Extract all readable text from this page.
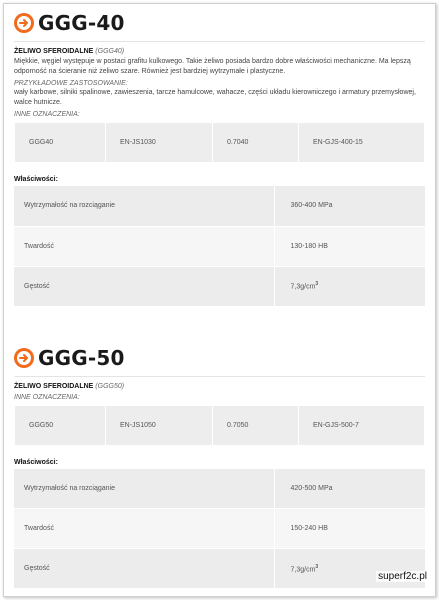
GGG-40
ŻELIWO SFEROIDALNE (GGG40)
Miękkie, węgiel występuje w postaci grafitu kulkowego. Takie żeliwo posiada bardzo dobre właściwości mechaniczne. Ma lepszą odporność na ścieranie niż żeliwo szare. Również jest bardziej wytrzymałe i plastyczne.
PRZYKŁADOWE ZASTOSOWANIE:
wały karbowe, silniki spalinowe, zawieszenia, tarcze hamulcowe, wahacze, części układu kierowniczego i armatury przemysłowej, walce hutnicze.
INNE OZNACZENIA:
GGG40	EN-JS1030	0.7040	EN-GJS-400-15
Właściwości:
Wytrzymałość na rozciąganie	360-400 MPa
Twardość	130-180 HB
Gęstość	$7,3g/cm^3$
GGG-50
ŻELIWO SFEROIDALNE (GGG50)
INNE OZNACZENIA:
GGG50	EN-JS1050	0.7050	EN-GJS-500-7
Właściwości:
Wytrzymałość na rozciąganie	420-500 MPa
Twardość	150-240 HB
Gęstość	$7,3g/cm^3$
superf2c.pl
